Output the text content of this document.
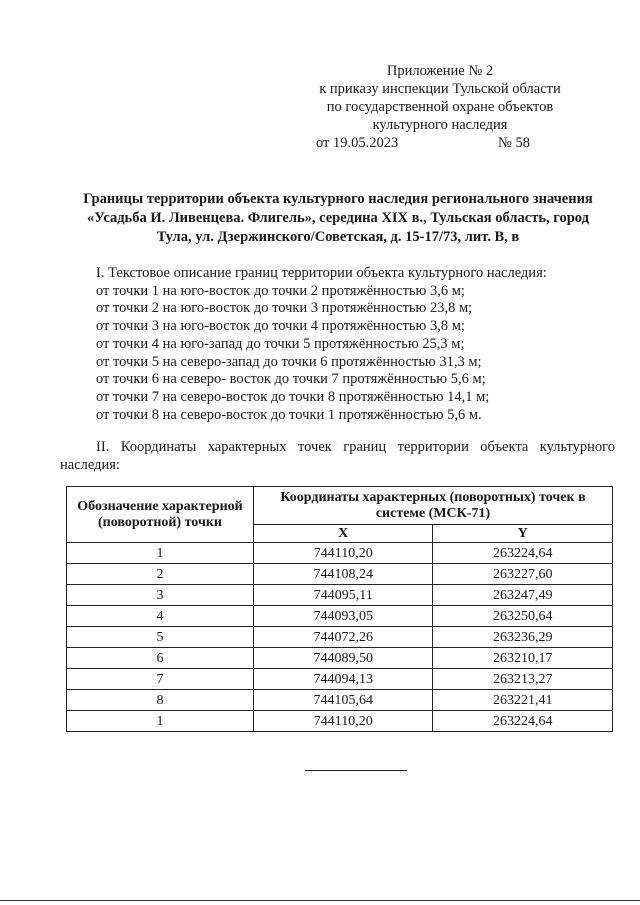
Приложение № 2
к приказу инспекции Тульской области
по государственной охране объектов
культурного наследия
от 19.05.2023	№ 58
Границы территории объекта культурного наследия регионального значения
«Усадьба И. Ливенцева. Флигель», середина XIX в., Тульская область, город
Тула, ул. Дзержинского/Советская, д. 15-17/73, лит. В, в
I. Текстовое описание границ территории объекта культурного наследия:
от точки 1 на юго-восток до точки 2 протяжённостью 3,6 м;
от точки 2 на юго-восток до точки 3 протяжённостью 23,8 м;
от точки 3 на юго-восток до точки 4 протяжённостью 3,8 м;
от точки 4 на юго-запад до точки 5 протяжённостью 25,3 м;
от точки 5 на северо-запад до точки 6 протяжённостью 31,3 м;
от точки 6 на северо- восток до точки 7 протяжённостью 5,6 м;
от точки 7 на северо-восток до точки 8 протяжённостью 14,1 м;
от точки 8 на северо-восток до точки 1 протяжённостью 5,6 м.
II. Координаты характерных точек границ территории объекта культурного наследия:
Обозначение характерной (поворотной) точки	Координаты характерных (поворотных) точек в системе (МСК-71)	
	X	Y
1	744110,20	263224,64
2	744108,24	263227,60
3	744095,11	263247,49
4	744093,05	263250,64
5	744072,26	263236,29
6	744089,50	263210,17
7	744094,13	263213,27
8	744105,64	263221,41
1	744110,20	263224,64
